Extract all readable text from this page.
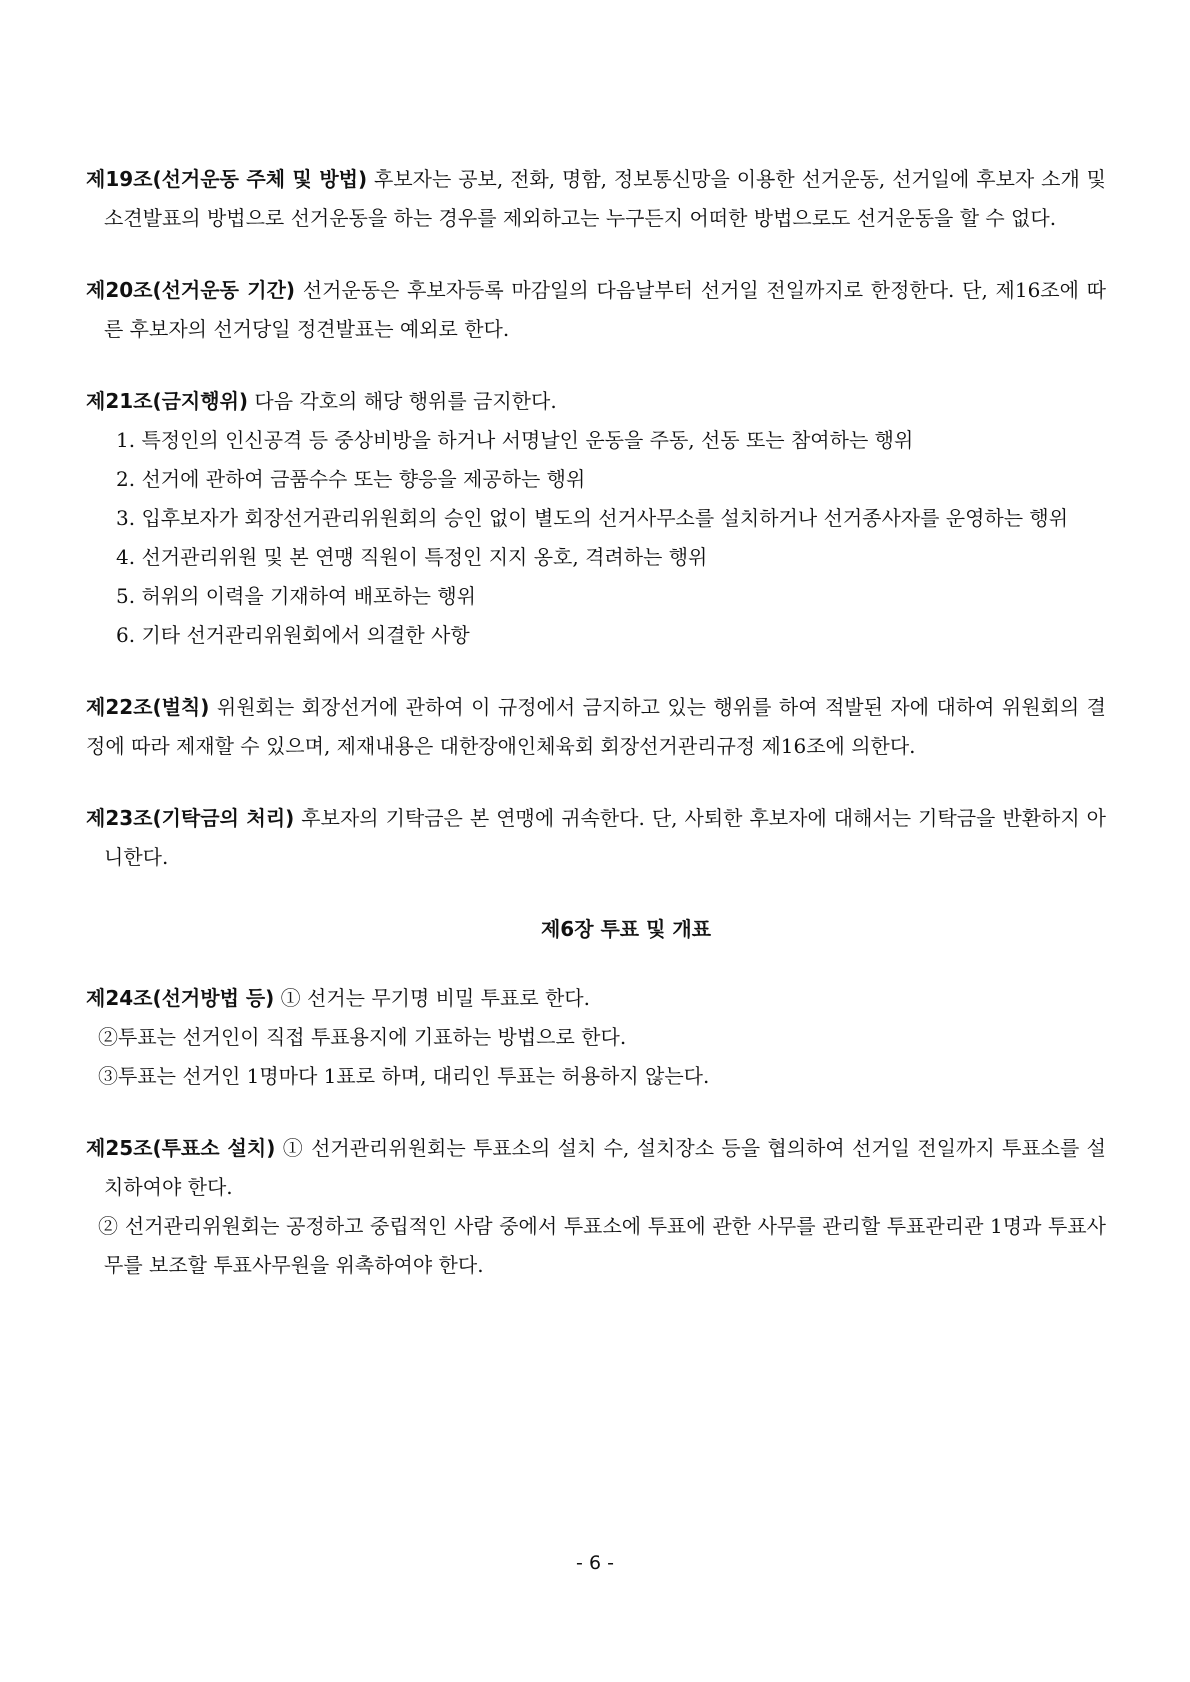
제19조(선거운동 주체 및 방법) 후보자는 공보, 전화, 명함, 정보통신망을 이용한 선거운동, 선거일에 후보자 소개 및 소견발표의 방법으로 선거운동을 하는 경우를 제외하고는 누구든지 어떠한 방법으로도 선거운동을 할 수 없다.

제20조(선거운동 기간) 선거운동은 후보자등록 마감일의 다음날부터 선거일 전일까지로 한정한다. 단, 제16조에 따른 후보자의 선거당일 정견발표는 예외로 한다.

제21조(금지행위) 다음 각호의 해당 행위를 금지한다.
1. 특정인의 인신공격 등 중상비방을 하거나 서명날인 운동을 주동, 선동 또는 참여하는 행위
2. 선거에 관하여 금품수수 또는 향응을 제공하는 행위
3. 입후보자가 회장선거관리위원회의 승인 없이 별도의 선거사무소를 설치하거나 선거종사자를 운영하는 행위
4. 선거관리위원 및 본 연맹 직원이 특정인 지지 옹호, 격려하는 행위
5. 허위의 이력을 기재하여 배포하는 행위
6. 기타 선거관리위원회에서 의결한 사항

제22조(벌칙) 위원회는 회장선거에 관하여 이 규정에서 금지하고 있는 행위를 하여 적발된 자에 대하여 위원회의 결정에 따라 제재할 수 있으며, 제재내용은 대한장애인체육회 회장선거관리규정 제16조에 의한다.

제23조(기탁금의 처리) 후보자의 기탁금은 본 연맹에 귀속한다. 단, 사퇴한 후보자에 대해서는 기탁금을 반환하지 아니한다.

제6장 투표 및 개표
제24조(선거방법 등) ① 선거는 무기명 비밀 투표로 한다.
②투표는 선거인이 직접 투표용지에 기표하는 방법으로 한다.
③투표는 선거인 1명마다 1표로 하며, 대리인 투표는 허용하지 않는다.
제25조(투표소 설치) ① 선거관리위원회는 투표소의 설치 수, 설치장소 등을 협의하여 선거일 전일까지 투표소를 설치하여야 한다.
② 선거관리위원회는 공정하고 중립적인 사람 중에서 투표소에 투표에 관한 사무를 관리할 투표관리관 1명과 투표사무를 보조할 투표사무원을 위촉하여야 한다.
- 6 -
